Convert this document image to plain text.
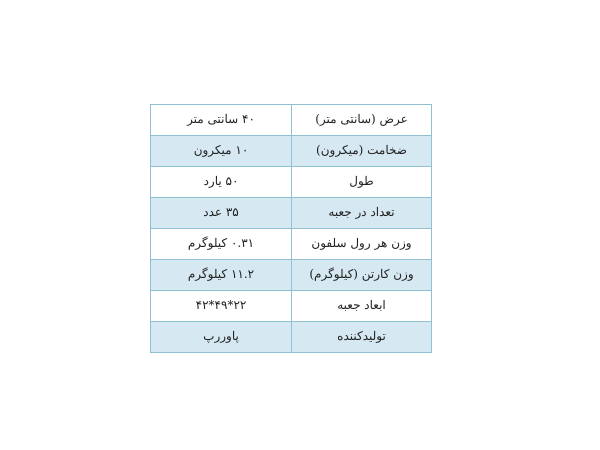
عرض (سانتی متر)	۴۰ سانتی متر
ضخامت (میکرون)	۱۰ میکرون
طول	۵۰ یارد
تعداد در جعبه	۳۵ عدد
وزن هر رول سلفون	۰.۳۱ کیلوگرم
وزن کارتن (کیلوگرم)	۱۱.۲ کیلوگرم
ابعاد جعبه	۴۲*۴۹*۲۲
تولیدکننده	پاوررپ
